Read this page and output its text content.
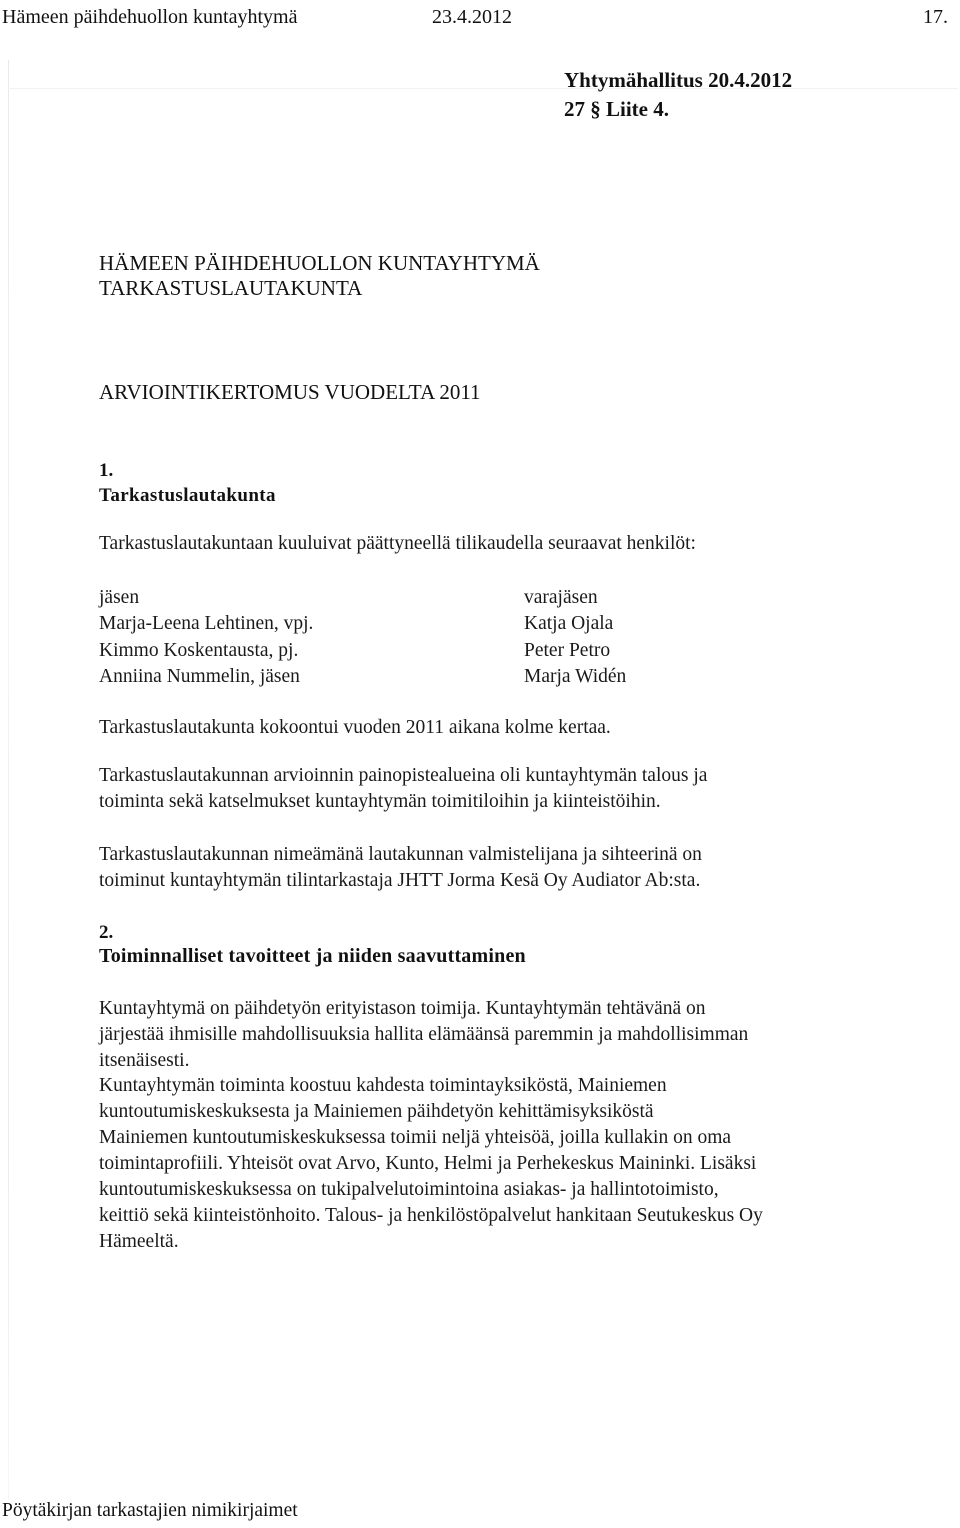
Hämeen päihdehuollon kuntayhtymä	23.4.2012	17.
Yhtymähallitus 20.4.2012
27 § Liite 4.
HÄMEEN PÄIHDEHUOLLON KUNTAYHTYMÄ
TARKASTUSLAUTAKUNTA
ARVIOINTIKERTOMUS VUODELTA 2011
1.
Tarkastuslautakunta
Tarkastuslautakuntaan kuuluivat päättyneellä tilikaudella seuraavat henkilöt:
jäsen
Marja-Leena Lehtinen, vpj.
Kimmo Koskentausta, pj.
Anniina Nummelin, jäsen
varajäsen
Katja Ojala
Peter Petro
Marja Widén
Tarkastuslautakunta kokoontui vuoden 2011 aikana kolme kertaa.
Tarkastuslautakunnan arvioinnin painopistealueina oli kuntayhtymän talous ja
toiminta sekä katselmukset kuntayhtymän toimitiloihin ja kiinteistöihin.
Tarkastuslautakunnan nimeämänä lautakunnan valmistelijana ja sihteerinä on
toiminut kuntayhtymän tilintarkastaja JHTT Jorma Kesä Oy Audiator Ab:sta.
2.
Toiminnalliset tavoitteet ja niiden saavuttaminen
Kuntayhtymä on päihdetyön erityistason toimija. Kuntayhtymän tehtävänä on
järjestää ihmisille mahdollisuuksia hallita elämäänsä paremmin ja mahdollisimman
itsenäisesti.
Kuntayhtymän toiminta koostuu kahdesta toimintayksiköstä, Mainiemen
kuntoutumiskeskuksesta ja Mainiemen päihdetyön kehittämisyksiköstä
Mainiemen kuntoutumiskeskuksessa toimii neljä yhteisöä, joilla kullakin on oma
toimintaprofiili. Yhteisöt ovat Arvo, Kunto, Helmi ja Perhekeskus Maininki. Lisäksi
kuntoutumiskeskuksessa on tukipalvelutoimintoina asiakas- ja hallintotoimisto,
keittiö sekä kiinteistönhoito. Talous- ja henkilöstöpalvelut hankitaan Seutukeskus Oy
Hämeeltä.
Pöytäkirjan tarkastajien nimikirjaimet
